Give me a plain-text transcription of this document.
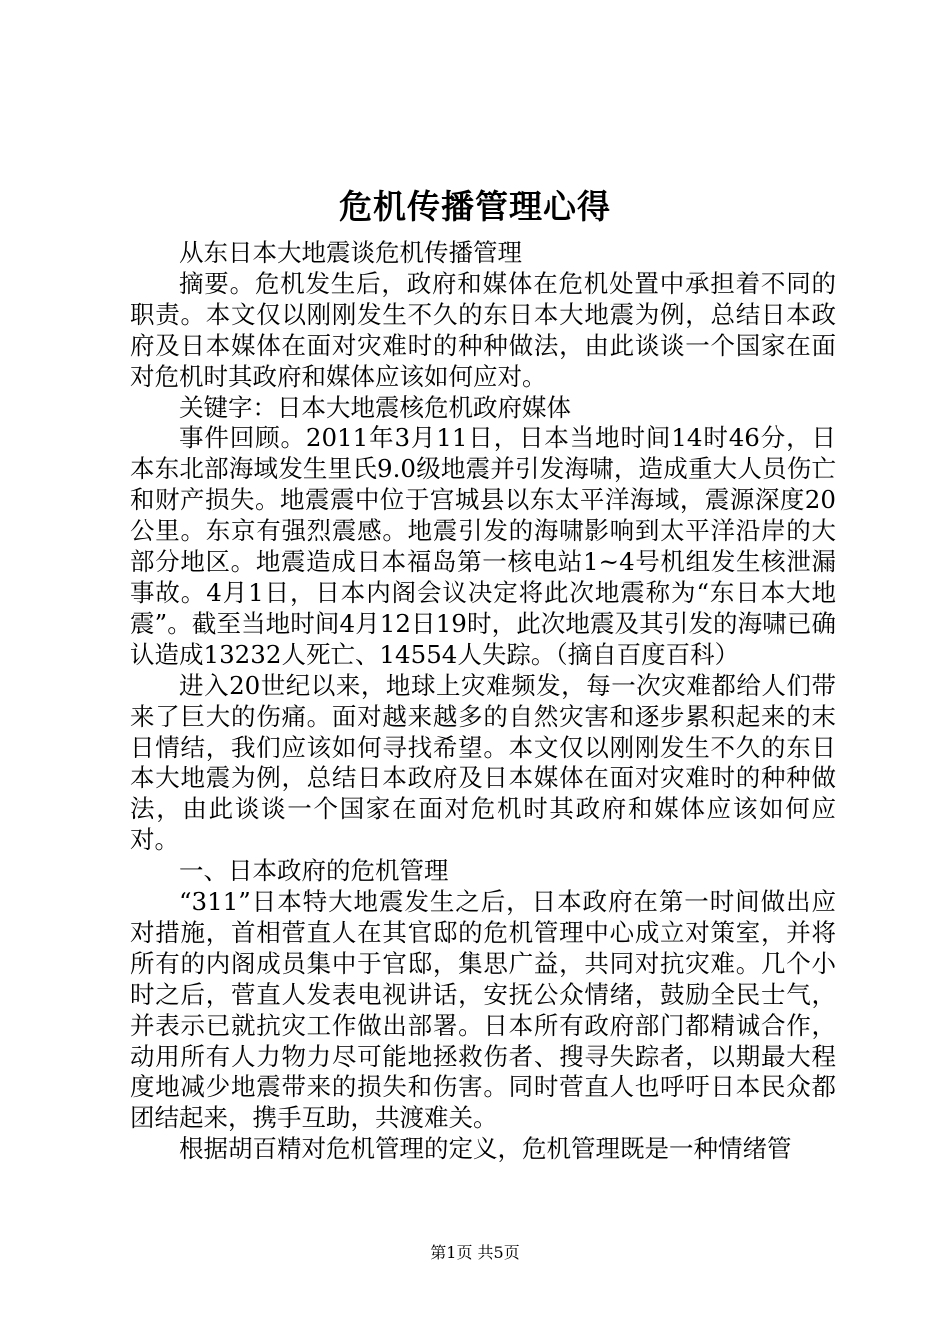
危机传播管理心得

从东日本大地震谈危机传播管理

摘要。危机发生后，政府和媒体在危机处置中承担着不同的职责。本文仅以刚刚发生不久的东日本大地震为例，总结日本政府及日本媒体在面对灾难时的种种做法，由此谈谈一个国家在面对危机时其政府和媒体应该如何应对。

关键字：日本大地震核危机政府媒体

事件回顾。2011年3月11日，日本当地时间14时46分，日本东北部海域发生里氏9.0级地震并引发海啸，造成重大人员伤亡和财产损失。地震震中位于宫城县以东太平洋海域，震源深度20公里。东京有强烈震感。地震引发的海啸影响到太平洋沿岸的大部分地区。地震造成日本福岛第一核电站1~4号机组发生核泄漏事故。4月1日，日本内阁会议决定将此次地震称为“东日本大地震”。截至当地时间4月12日19时，此次地震及其引发的海啸已确认造成13232人死亡、14554人失踪。（摘自百度百科）

进入20世纪以来，地球上灾难频发，每一次灾难都给人们带来了巨大的伤痛。面对越来越多的自然灾害和逐步累积起来的末日情结，我们应该如何寻找希望。本文仅以刚刚发生不久的东日本大地震为例，总结日本政府及日本媒体在面对灾难时的种种做法，由此谈谈一个国家在面对危机时其政府和媒体应该如何应对。

一、日本政府的危机管理

“311”日本特大地震发生之后，日本政府在第一时间做出应对措施，首相菅直人在其官邸的危机管理中心成立对策室，并将所有的内阁成员集中于官邸，集思广益，共同对抗灾难。几个小时之后，菅直人发表电视讲话，安抚公众情绪，鼓励全民士气，并表示已就抗灾工作做出部署。日本所有政府部门都精诚合作，动用所有人力物力尽可能地拯救伤者、搜寻失踪者，以期最大程度地减少地震带来的损失和伤害。同时菅直人也呼吁日本民众都团结起来，携手互助，共渡难关。

根据胡百精对危机管理的定义，危机管理既是一种情绪管

第1页 共5页
